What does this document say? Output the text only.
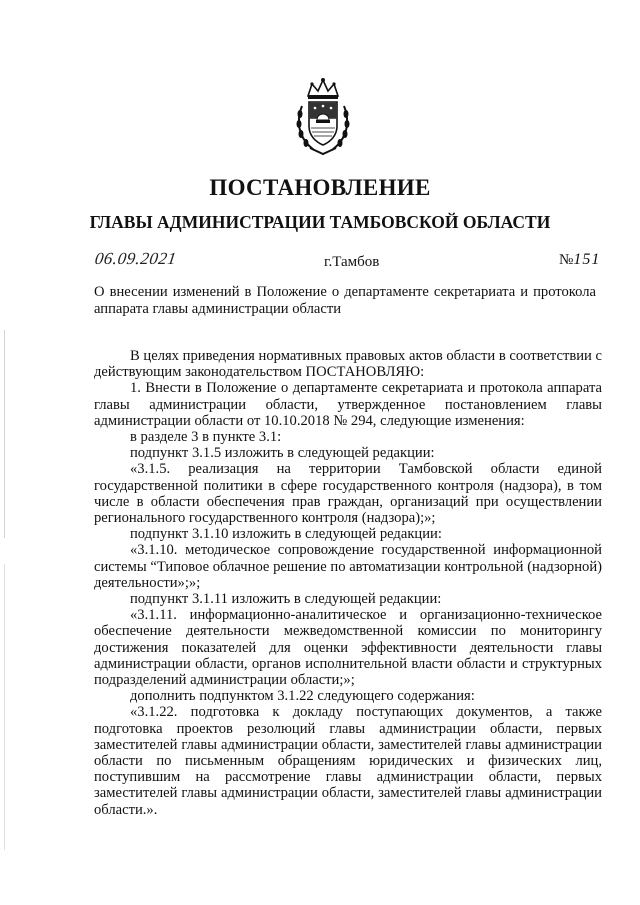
ПОСТАНОВЛЕНИЕ
ГЛАВЫ АДМИНИСТРАЦИИ ТАМБОВСКОЙ ОБЛАСТИ
06.09.2021	г.Тамбов	№151
О внесении изменений в Положение о департаменте секретариата и протокола аппарата главы администрации области

В целях приведения нормативных правовых актов области в соответствии с действующим законодательством ПОСТАНОВЛЯЮ:

1. Внести в Положение о департаменте секретариата и протокола аппарата главы администрации области, утвержденное постановлением главы администрации области от 10.10.2018 № 294, следующие изменения:

в разделе 3 в пункте 3.1:

подпункт 3.1.5 изложить в следующей редакции:

«3.1.5. реализация на территории Тамбовской области единой государственной политики в сфере государственного контроля (надзора), в том числе в области обеспечения прав граждан, организаций при осуществлении регионального государственного контроля (надзора);»;

подпункт 3.1.10 изложить в следующей редакции:

«3.1.10. методическое сопровождение государственной информационной системы “Типовое облачное решение по автоматизации контрольной (надзорной) деятельности»;»;

подпункт 3.1.11 изложить в следующей редакции:

«3.1.11. информационно-аналитическое и организационно-техническое обеспечение деятельности межведомственной комиссии по мониторингу достижения показателей для оценки эффективности деятельности главы администрации области, органов исполнительной власти области и структурных подразделений администрации области;»;

дополнить подпунктом 3.1.22 следующего содержания:

«3.1.22. подготовка к докладу поступающих документов, а также подготовка проектов резолюций главы администрации области, первых заместителей главы администрации области, заместителей главы администрации области по письменным обращениям юридических и физических лиц, поступившим на рассмотрение главы администрации области, первых заместителей главы администрации области, заместителей главы администрации области.».
